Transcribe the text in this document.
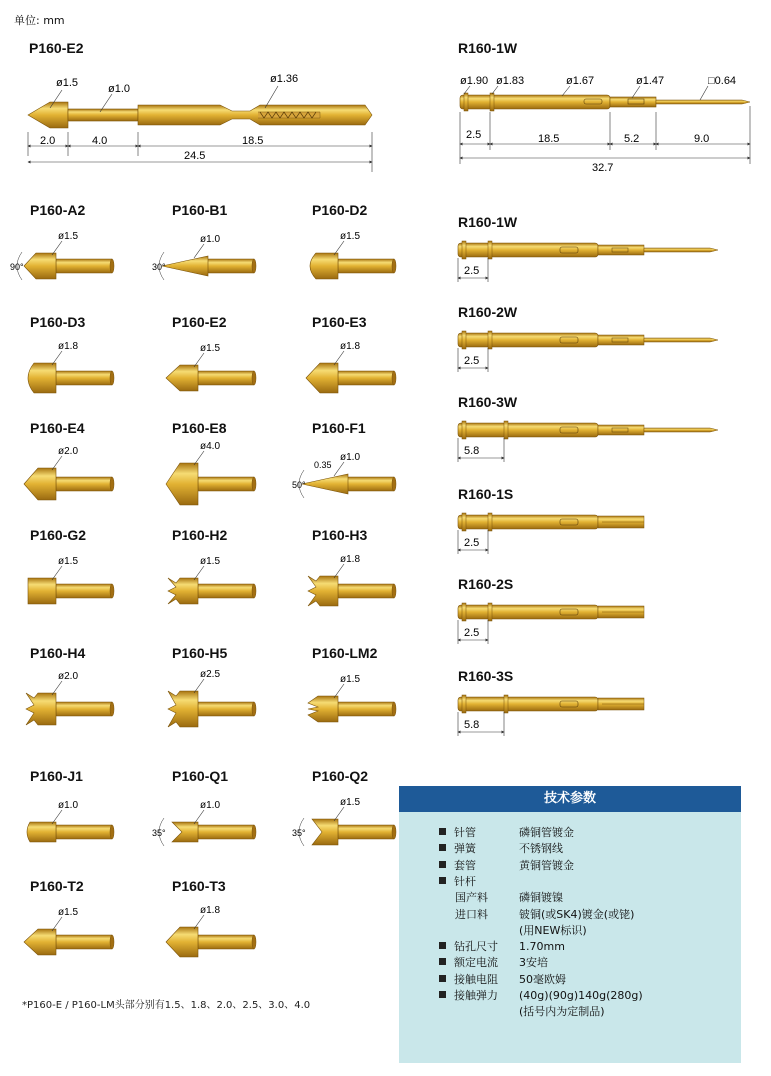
单位: mm
P160-E2
ø1.5	ø1.0
ø1.36
2.0	4.0	18.5
24.5
R160-1W
ø1.90 ø1.83	ø1.67	ø1.47	□0.64
2.5	18.5	5.2	9.0
32.7
P160-A2
ø1.5
90°
P160-B1
ø1.0
30°
P160-D2
ø1.5
P160-D3
ø1.8
P160-E2
ø1.5
P160-E3
ø1.8
P160-E4
ø2.0
P160-E8
ø4.0
P160-F1
ø1.0
50°
0.35
P160-G2
ø1.5
P160-H2
ø1.5
P160-H3
ø1.8
P160-H4
ø2.0
P160-H5
ø2.5
P160-LM2
ø1.5
P160-J1
ø1.0
P160-Q1
ø1.0
35°
P160-Q2
ø1.5
35°
P160-T2
ø1.5
P160-T3
ø1.8
R160-1W
2.5
R160-2W
2.5
R160-3W
5.8
R160-1S
2.5
R160-2S
2.5
R160-3S
5.8
*P160-E / P160-LM头部分别有1.5、1.8、2.0、2.5、3.0、4.0
技术参数
针管	磷铜管镀金
弹簧	不锈钢线
套管	黄铜管镀金
针杆
国产料	磷铜镀镍
进口料	铍铜(或SK4)镀金(或铑)
(用NEW标识)
钻孔尺寸 1.70mm
额定电流 3安培
接触电阻 50毫欧姆
接触弹力 (40g)(90g)140g(280g)
(括号内为定制品)
